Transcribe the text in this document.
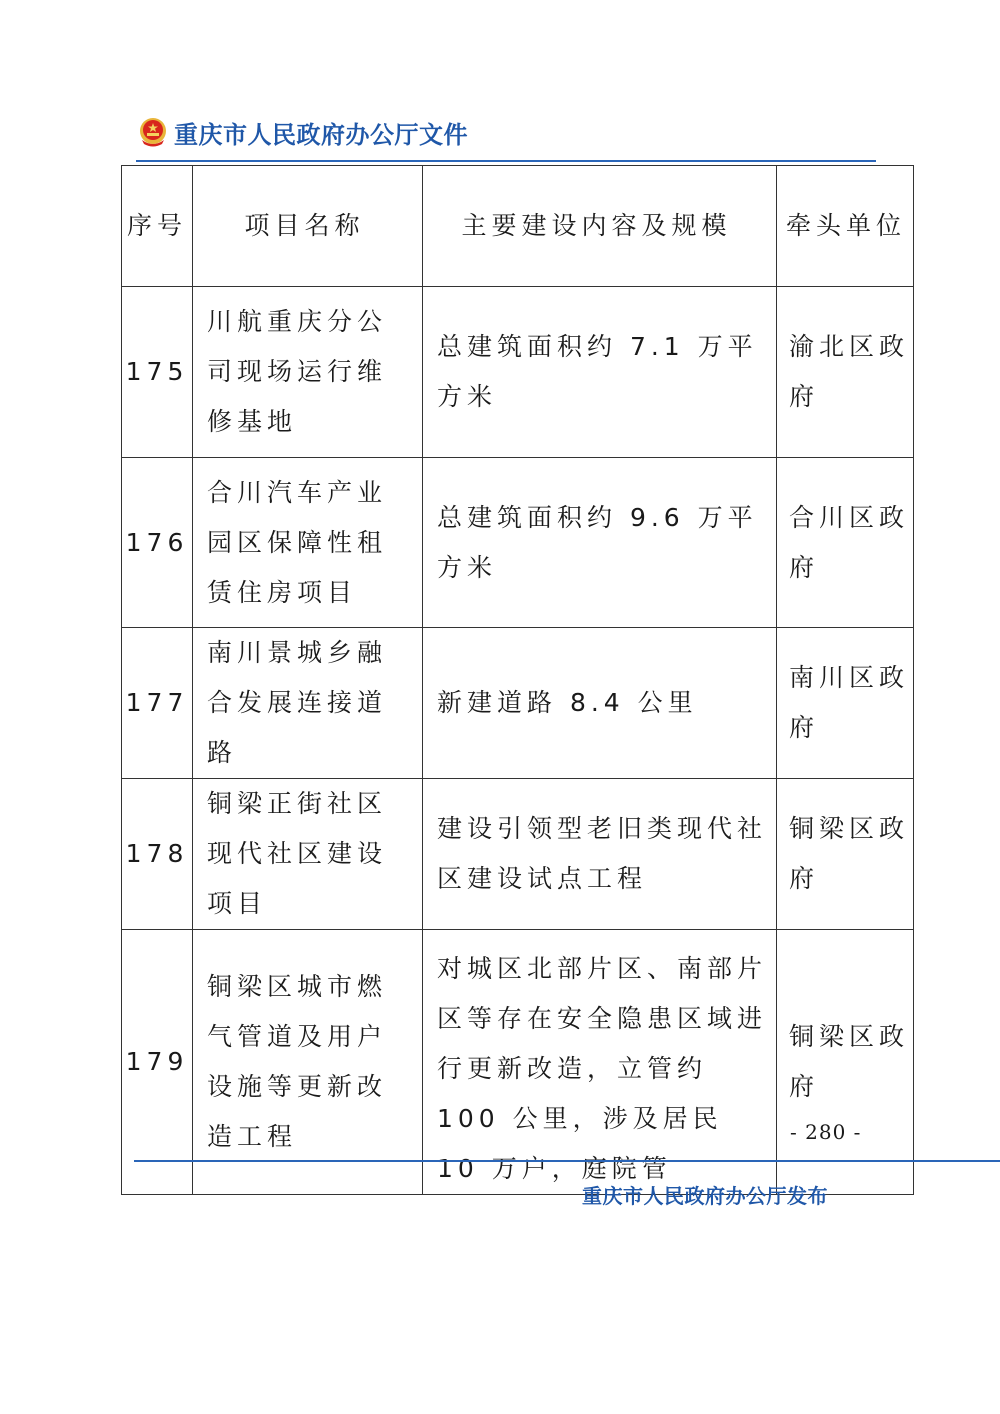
重庆市人民政府办公厅文件
序号	项目名称	主要建设内容及规模	牵头单位
175	川航重庆分公司现场运行维修基地	总建筑面积约 7.1 万平方米	渝北区政府
176	合川汽车产业园区保障性租赁住房项目	总建筑面积约 9.6 万平方米	合川区政府
177	南川景城乡融合发展连接道路	新建道路 8.4 公里	南川区政府
178	铜梁正街社区现代社区建设项目	建设引领型老旧类现代社区建设试点工程	铜梁区政府
179	铜梁区城市燃气管道及用户设施等更新改造工程	对城区北部片区、南部片区等存在安全隐患区域进行更新改造，立管约 100 公里，涉及居民 10 万户，庭院管	铜梁区政府
- 280 -
重庆市人民政府办公厅发布
